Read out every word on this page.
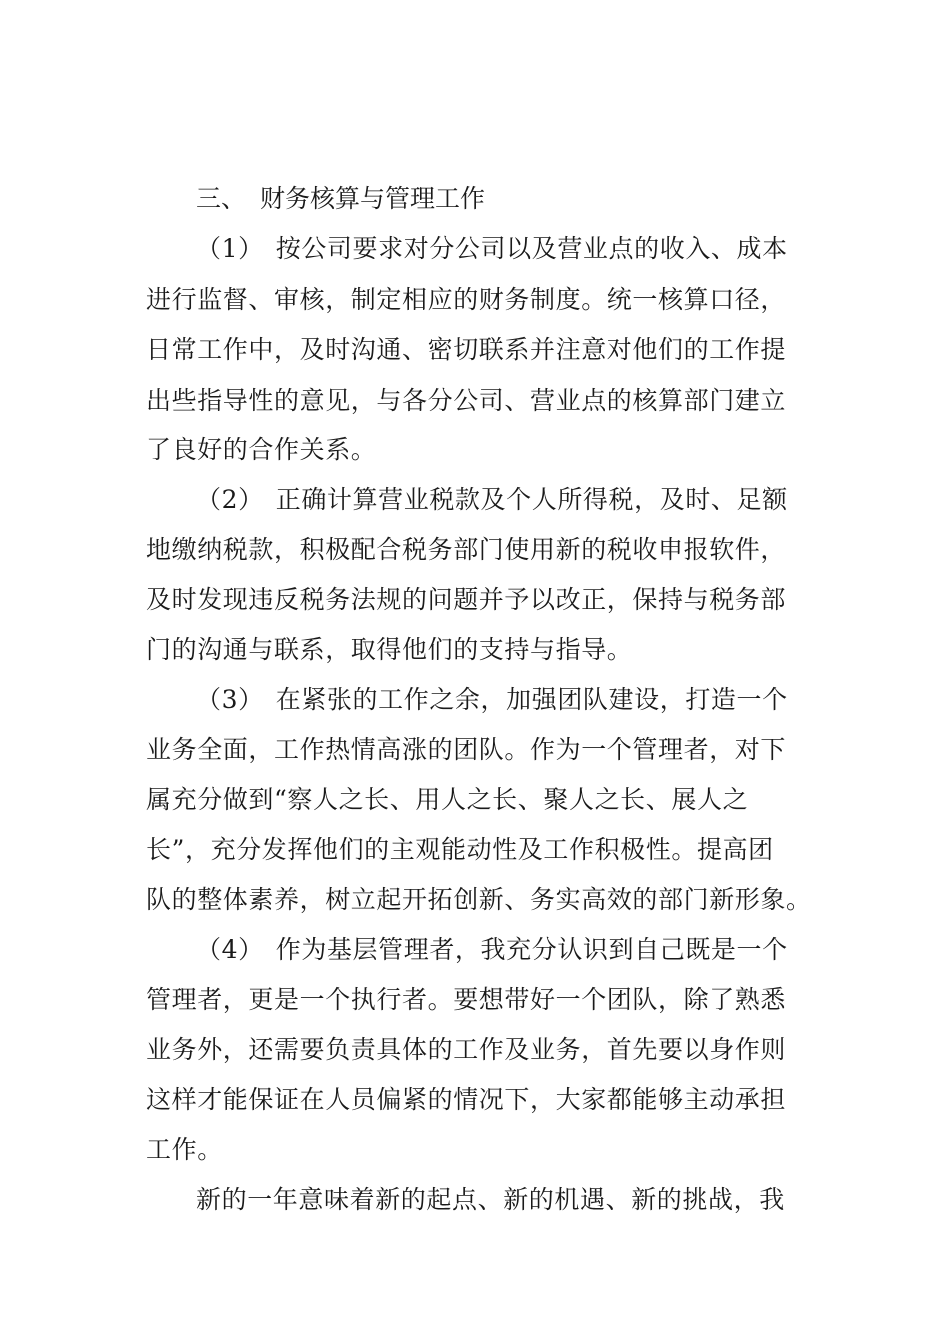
三、 财务核算与管理工作
（1） 按公司要求对分公司以及营业点的收入、成本
进行监督、审核，制定相应的财务制度。统一核算口径，
日常工作中，及时沟通、密切联系并注意对他们的工作提
出些指导性的意见，与各分公司、营业点的核算部门建立
了良好的合作关系。
（2） 正确计算营业税款及个人所得税，及时、足额
地缴纳税款，积极配合税务部门使用新的税收申报软件，
及时发现违反税务法规的问题并予以改正，保持与税务部
门的沟通与联系，取得他们的支持与指导。
（3） 在紧张的工作之余，加强团队建设，打造一个
业务全面，工作热情高涨的团队。作为一个管理者，对下
属充分做到“察人之长、用人之长、聚人之长、展人之
长”，充分发挥他们的主观能动性及工作积极性。提高团
队的整体素养，树立起开拓创新、务实高效的部门新形象。
（4） 作为基层管理者，我充分认识到自己既是一个
管理者，更是一个执行者。要想带好一个团队，除了熟悉
业务外，还需要负责具体的工作及业务，首先要以身作则
这样才能保证在人员偏紧的情况下，大家都能够主动承担
工作。
新的一年意味着新的起点、新的机遇、新的挑战，我
